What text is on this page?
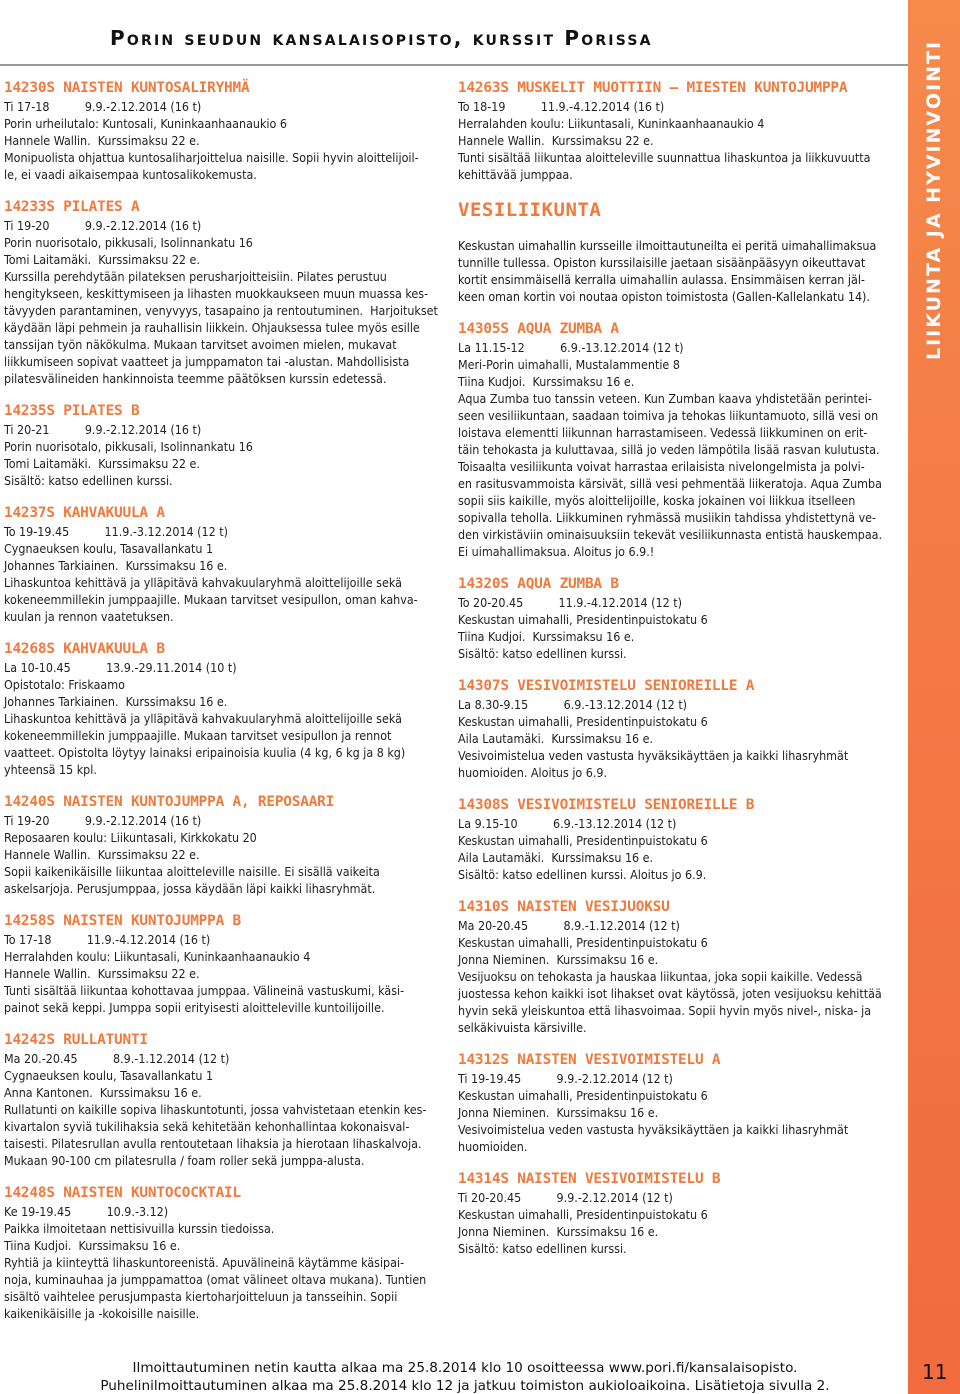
Porin seudun kansalaisopisto, kurssit Porissa
LIIKUNTA JA HYVINVOINTI
14230S NAISTEN KUNTOSALIRYHMÄ
Ti 17-18          9.9.-2.12.2014 (16 t)
Porin urheilutalo: Kuntosali, Kuninkaanhaanaukio 6
Hannele Wallin.  Kurssimaksu 22 e.
Monipuolista ohjattua kuntosaliharjoittelua naisille. Sopii hyvin aloittelijoil-
le, ei vaadi aikaisempaa kuntosalikokemusta.
14233S PILATES A
Ti 19-20          9.9.-2.12.2014 (16 t)
Porin nuorisotalo, pikkusali, Isolinnankatu 16
Tomi Laitamäki.  Kurssimaksu 22 e.
Kurssilla perehdytään pilateksen perusharjoitteisiin. Pilates perustuu
hengitykseen, keskittymiseen ja lihasten muokkaukseen muun muassa kes-
tävyyden parantaminen, venyvyys, tasapaino ja rentoutuminen.  Harjoitukset
käydään läpi pehmein ja rauhallisin liikkein. Ohjauksessa tulee myös esille
tanssijan työn näkökulma. Mukaan tarvitset avoimen mielen, mukavat
liikkumiseen sopivat vaatteet ja jumppamaton tai -alustan. Mahdollisista
pilatesvälineiden hankinnoista teemme päätöksen kurssin edetessä.
14235S PILATES B
Ti 20-21          9.9.-2.12.2014 (16 t)
Porin nuorisotalo, pikkusali, Isolinnankatu 16
Tomi Laitamäki.  Kurssimaksu 22 e.
Sisältö: katso edellinen kurssi.
14237S KAHVAKUULA A
To 19-19.45          11.9.-3.12.2014 (12 t)
Cygnaeuksen koulu, Tasavallankatu 1
Johannes Tarkiainen.  Kurssimaksu 16 e.
Lihaskuntoa kehittävä ja ylläpitävä kahvakuularyhmä aloittelijoille sekä
kokeneemmillekin jumppaajille. Mukaan tarvitset vesipullon, oman kahva-
kuulan ja rennon vaatetuksen.
14268S KAHVAKUULA B
La 10-10.45          13.9.-29.11.2014 (10 t)
Opistotalo: Friskaamo
Johannes Tarkiainen.  Kurssimaksu 16 e.
Lihaskuntoa kehittävä ja ylläpitävä kahvakuularyhmä aloittelijoille sekä
kokeneemmillekin jumppaajille. Mukaan tarvitset vesipullon ja rennot
vaatteet. Opistolta löytyy lainaksi eripainoisia kuulia (4 kg, 6 kg ja 8 kg)
yhteensä 15 kpl.
14240S NAISTEN KUNTOJUMPPA A, REPOSAARI
Ti 19-20          9.9.-2.12.2014 (16 t)
Reposaaren koulu: Liikuntasali, Kirkkokatu 20
Hannele Wallin.  Kurssimaksu 22 e.
Sopii kaikenikäisille liikuntaa aloitteleville naisille. Ei sisällä vaikeita
askelsarjoja. Perusjumppaa, jossa käydään läpi kaikki lihasryhmät.
14258S NAISTEN KUNTOJUMPPA B
To 17-18          11.9.-4.12.2014 (16 t)
Herralahden koulu: Liikuntasali, Kuninkaanhaanaukio 4
Hannele Wallin.  Kurssimaksu 22 e.
Tunti sisältää liikuntaa kohottavaa jumppaa. Välineinä vastuskumi, käsi-
painot sekä keppi. Jumppa sopii erityisesti aloitteleville kuntoilijoille.
14242S RULLATUNTI
Ma 20.-20.45          8.9.-1.12.2014 (12 t)
Cygnaeuksen koulu, Tasavallankatu 1
Anna Kantonen.  Kurssimaksu 16 e.
Rullatunti on kaikille sopiva lihaskuntotunti, jossa vahvistetaan etenkin kes-
kivartalon syviä tukilihaksia sekä kehitetään kehonhallintaa kokonaisval-
taisesti. Pilatesrullan avulla rentoutetaan lihaksia ja hierotaan lihaskalvoja.
Mukaan 90-100 cm pilatesrulla / foam roller sekä jumppa-alusta.
14248S NAISTEN KUNTOCOCKTAIL
Ke 19-19.45          10.9.-3.12)
Paikka ilmoitetaan nettisivuilla kurssin tiedoissa.
Tiina Kudjoi.  Kurssimaksu 16 e.
Ryhtiä ja kiinteyttä lihaskuntoreenistä. Apuvälineinä käytämme käsipai-
noja, kuminauhaa ja jumppamattoa (omat välineet oltava mukana). Tuntien
sisältö vaihtelee perusjumpasta kiertoharjoitteluun ja tansseihin. Sopii
kaikenikäisille ja -kokoisille naisille.
14263S MUSKELIT MUOTTIIN – MIESTEN KUNTOJUMPPA
To 18-19          11.9.-4.12.2014 (16 t)
Herralahden koulu: Liikuntasali, Kuninkaanhaanaukio 4
Hannele Wallin.  Kurssimaksu 22 e.
Tunti sisältää liikuntaa aloitteleville suunnattua lihaskuntoa ja liikkuvuutta
kehittävää jumppaa.
VESILIIKUNTA
Keskustan uimahallin kursseille ilmoittautuneilta ei peritä uimahallimaksua
tunnille tullessa. Opiston kurssilaisille jaetaan sisäänpääsyyn oikeuttavat
kortit ensimmäisellä kerralla uimahallin aulassa. Ensimmäisen kerran jäl-
keen oman kortin voi noutaa opiston toimistosta (Gallen-Kallelankatu 14).
14305S AQUA ZUMBA A
La 11.15-12          6.9.-13.12.2014 (12 t)
Meri-Porin uimahalli, Mustalammentie 8
Tiina Kudjoi.  Kurssimaksu 16 e.
Aqua Zumba tuo tanssin veteen. Kun Zumban kaava yhdistetään perintei-
seen vesiliikuntaan, saadaan toimiva ja tehokas liikuntamuoto, sillä vesi on
loistava elementti liikunnan harrastamiseen. Vedessä liikkuminen on erit-
täin tehokasta ja kuluttavaa, sillä jo veden lämpötila lisää rasvan kulutusta.
Toisaalta vesiliikunta voivat harrastaa erilaisista nivelongelmista ja polvi-
en rasitusvammoista kärsivät, sillä vesi pehmentää liikeratoja. Aqua Zumba
sopii siis kaikille, myös aloittelijoille, koska jokainen voi liikkua itselleen
sopivalla teholla. Liikkuminen ryhmässä musiikin tahdissa yhdistettynä ve-
den virkistäviin ominaisuuksiin tekevät vesiliikunnasta entistä hauskempaa.
Ei uimahallimaksua. Aloitus jo 6.9.!
14320S AQUA ZUMBA B
To 20-20.45          11.9.-4.12.2014 (12 t)
Keskustan uimahalli, Presidentinpuistokatu 6
Tiina Kudjoi.  Kurssimaksu 16 e.
Sisältö: katso edellinen kurssi.
14307S VESIVOIMISTELU SENIOREILLE A
La 8.30-9.15          6.9.-13.12.2014 (12 t)
Keskustan uimahalli, Presidentinpuistokatu 6
Aila Lautamäki.  Kurssimaksu 16 e.
Vesivoimistelua veden vastusta hyväksikäyttäen ja kaikki lihasryhmät
huomioiden. Aloitus jo 6.9.
14308S VESIVOIMISTELU SENIOREILLE B
La 9.15-10          6.9.-13.12.2014 (12 t)
Keskustan uimahalli, Presidentinpuistokatu 6
Aila Lautamäki.  Kurssimaksu 16 e.
Sisältö: katso edellinen kurssi. Aloitus jo 6.9.
14310S NAISTEN VESIJUOKSU
Ma 20-20.45          8.9.-1.12.2014 (12 t)
Keskustan uimahalli, Presidentinpuistokatu 6
Jonna Nieminen.  Kurssimaksu 16 e.
Vesijuoksu on tehokasta ja hauskaa liikuntaa, joka sopii kaikille. Vedessä
juostessa kehon kaikki isot lihakset ovat käytössä, joten vesijuoksu kehittää
hyvin sekä yleiskuntoa että lihasvoimaa. Sopii hyvin myös nivel-, niska- ja
selkäkivuista kärsiville.
14312S NAISTEN VESIVOIMISTELU A
Ti 19-19.45          9.9.-2.12.2014 (12 t)
Keskustan uimahalli, Presidentinpuistokatu 6
Jonna Nieminen.  Kurssimaksu 16 e.
Vesivoimistelua veden vastusta hyväksikäyttäen ja kaikki lihasryhmät
huomioiden.
14314S NAISTEN VESIVOIMISTELU B
Ti 20-20.45          9.9.-2.12.2014 (12 t)
Keskustan uimahalli, Presidentinpuistokatu 6
Jonna Nieminen.  Kurssimaksu 16 e.
Sisältö: katso edellinen kurssi.
Ilmoittautuminen netin kautta alkaa ma 25.8.2014 klo 10 osoitteessa www.pori.fi/kansalaisopisto.
Puhelinilmoittautuminen alkaa ma 25.8.2014 klo 12 ja jatkuu toimiston aukioloaikoina. Lisätietoja sivulla 2.
11
